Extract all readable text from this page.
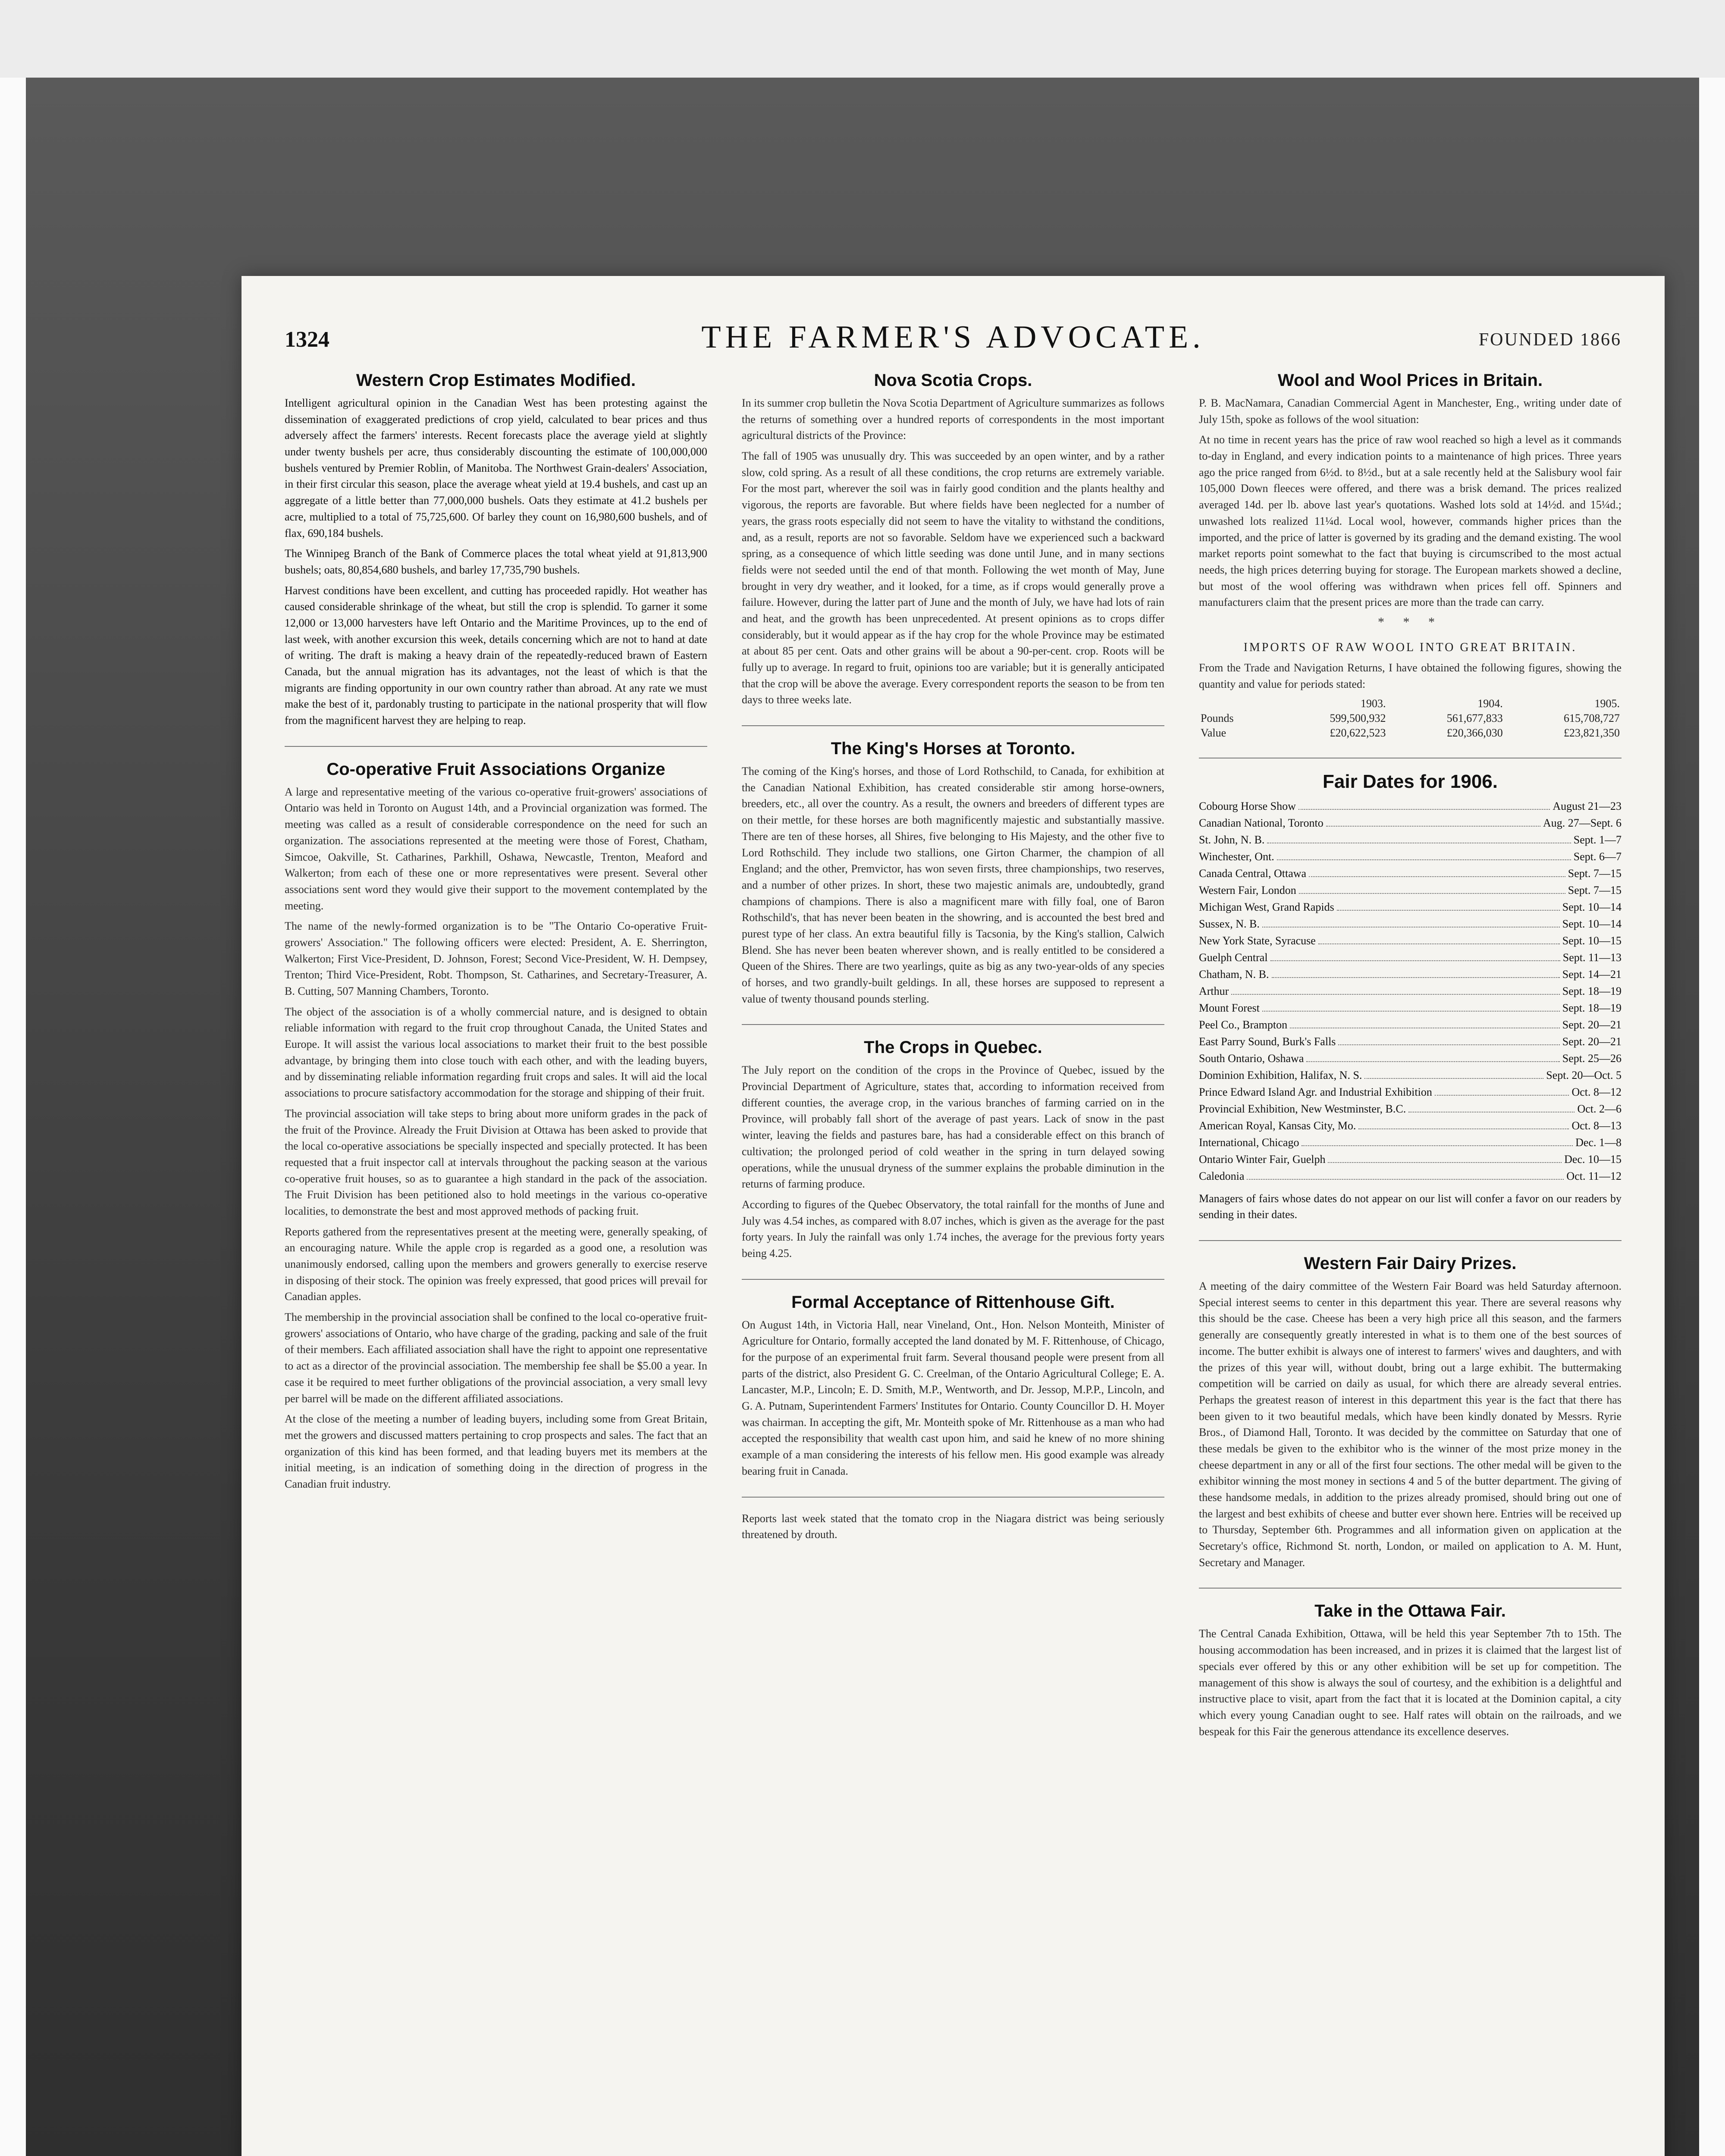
1324	THE FARMER'S ADVOCATE.	FOUNDED 1866
Western Crop Estimates Modified.

Intelligent agricultural opinion in the Canadian West has been protesting against the dissemination of exaggerated predictions of crop yield, calculated to bear prices and thus adversely affect the farmers' interests. Recent forecasts place the average yield at slightly under twenty bushels per acre, thus considerably discounting the estimate of 100,000,000 bushels ventured by Premier Roblin, of Manitoba. The Northwest Grain-dealers' Association, in their first circular this season, place the average wheat yield at 19.4 bushels, and cast up an aggregate of a little better than 77,000,000 bushels. Oats they estimate at 41.2 bushels per acre, multiplied to a total of 75,725,600. Of barley they count on 16,980,600 bushels, and of flax, 690,184 bushels.

The Winnipeg Branch of the Bank of Commerce places the total wheat yield at 91,813,900 bushels; oats, 80,854,680 bushels, and barley 17,735,790 bushels.

Harvest conditions have been excellent, and cutting has proceeded rapidly. Hot weather has caused considerable shrinkage of the wheat, but still the crop is splendid. To garner it some 12,000 or 13,000 harvesters have left Ontario and the Maritime Provinces, up to the end of last week, with another excursion this week, details concerning which are not to hand at date of writing. The draft is making a heavy drain of the repeatedly-reduced brawn of Eastern Canada, but the annual migration has its advantages, not the least of which is that the migrants are finding opportunity in our own country rather than abroad. At any rate we must make the best of it, pardonably trusting to participate in the national prosperity that will flow from the magnificent harvest they are helping to reap.

Co-operative Fruit Associations Organize

A large and representative meeting of the various co-operative fruit-growers' associations of Ontario was held in Toronto on August 14th, and a Provincial organization was formed. The meeting was called as a result of considerable correspondence on the need for such an organization. The associations represented at the meeting were those of Forest, Chatham, Simcoe, Oakville, St. Catharines, Parkhill, Oshawa, Newcastle, Trenton, Meaford and Walkerton; from each of these one or more representatives were present. Several other associations sent word they would give their support to the movement contemplated by the meeting.

The name of the newly-formed organization is to be "The Ontario Co-operative Fruit-growers' Association." The following officers were elected: President, A. E. Sherrington, Walkerton; First Vice-President, D. Johnson, Forest; Second Vice-President, W. H. Dempsey, Trenton; Third Vice-President, Robt. Thompson, St. Catharines, and Secretary-Treasurer, A. B. Cutting, 507 Manning Chambers, Toronto.

The object of the association is of a wholly commercial nature, and is designed to obtain reliable information with regard to the fruit crop throughout Canada, the United States and Europe. It will assist the various local associations to market their fruit to the best possible advantage, by bringing them into close touch with each other, and with the leading buyers, and by disseminating reliable information regarding fruit crops and sales. It will aid the local associations to procure satisfactory accommodation for the storage and shipping of their fruit.

The provincial association will take steps to bring about more uniform grades in the pack of the fruit of the Province. Already the Fruit Division at Ottawa has been asked to provide that the local co-operative associations be specially inspected and specially protected. It has been requested that a fruit inspector call at intervals throughout the packing season at the various co-operative fruit houses, so as to guarantee a high standard in the pack of the association. The Fruit Division has been petitioned also to hold meetings in the various co-operative localities, to demonstrate the best and most approved methods of packing fruit.

Reports gathered from the representatives present at the meeting were, generally speaking, of an encouraging nature. While the apple crop is regarded as a good one, a resolution was unanimously endorsed, calling upon the members and growers generally to exercise reserve in disposing of their stock. The opinion was freely expressed, that good prices will prevail for Canadian apples.

The membership in the provincial association shall be confined to the local co-operative fruit-growers' associations of Ontario, who have charge of the grading, packing and sale of the fruit of their members. Each affiliated association shall have the right to appoint one representative to act as a director of the provincial association. The membership fee shall be $5.00 a year. In case it be required to meet further obligations of the provincial association, a very small levy per barrel will be made on the different affiliated associations.

At the close of the meeting a number of leading buyers, including some from Great Britain, met the growers and discussed matters pertaining to crop prospects and sales. The fact that an organization of this kind has been formed, and that leading buyers met its members at the initial meeting, is an indication of something doing in the direction of progress in the Canadian fruit industry.

Nova Scotia Crops.

In its summer crop bulletin the Nova Scotia Department of Agriculture summarizes as follows the returns of something over a hundred reports of correspondents in the most important agricultural districts of the Province:

The fall of 1905 was unusually dry. This was succeeded by an open winter, and by a rather slow, cold spring. As a result of all these conditions, the crop returns are extremely variable. For the most part, wherever the soil was in fairly good condition and the plants healthy and vigorous, the reports are favorable. But where fields have been neglected for a number of years, the grass roots especially did not seem to have the vitality to withstand the conditions, and, as a result, reports are not so favorable. Seldom have we experienced such a backward spring, as a consequence of which little seeding was done until June, and in many sections fields were not seeded until the end of that month. Following the wet month of May, June brought in very dry weather, and it looked, for a time, as if crops would generally prove a failure. However, during the latter part of June and the month of July, we have had lots of rain and heat, and the growth has been unprecedented. At present opinions as to crops differ considerably, but it would appear as if the hay crop for the whole Province may be estimated at about 85 per cent. Oats and other grains will be about a 90-per-cent. crop. Roots will be fully up to average. In regard to fruit, opinions too are variable; but it is generally anticipated that the crop will be above the average. Every correspondent reports the season to be from ten days to three weeks late.

The King's Horses at Toronto.

The coming of the King's horses, and those of Lord Rothschild, to Canada, for exhibition at the Canadian National Exhibition, has created considerable stir among horse-owners, breeders, etc., all over the country. As a result, the owners and breeders of different types are on their mettle, for these horses are both magnificently majestic and substantially massive. There are ten of these horses, all Shires, five belonging to His Majesty, and the other five to Lord Rothschild. They include two stallions, one Girton Charmer, the champion of all England; and the other, Premvictor, has won seven firsts, three championships, two reserves, and a number of other prizes. In short, these two majestic animals are, undoubtedly, grand champions of champions. There is also a magnificent mare with filly foal, one of Baron Rothschild's, that has never been beaten in the showring, and is accounted the best bred and purest type of her class. An extra beautiful filly is Tacsonia, by the King's stallion, Calwich Blend. She has never been beaten wherever shown, and is really entitled to be considered a Queen of the Shires. There are two yearlings, quite as big as any two-year-olds of any species of horses, and two grandly-built geldings. In all, these horses are supposed to represent a value of twenty thousand pounds sterling.

The Crops in Quebec.

The July report on the condition of the crops in the Province of Quebec, issued by the Provincial Department of Agriculture, states that, according to information received from different counties, the average crop, in the various branches of farming carried on in the Province, will probably fall short of the average of past years. Lack of snow in the past winter, leaving the fields and pastures bare, has had a considerable effect on this branch of cultivation; the prolonged period of cold weather in the spring in turn delayed sowing operations, while the unusual dryness of the summer explains the probable diminution in the returns of farming produce.

According to figures of the Quebec Observatory, the total rainfall for the months of June and July was 4.54 inches, as compared with 8.07 inches, which is given as the average for the past forty years. In July the rainfall was only 1.74 inches, the average for the previous forty years being 4.25.

Formal Acceptance of Rittenhouse Gift.

On August 14th, in Victoria Hall, near Vineland, Ont., Hon. Nelson Monteith, Minister of Agriculture for Ontario, formally accepted the land donated by M. F. Rittenhouse, of Chicago, for the purpose of an experimental fruit farm. Several thousand people were present from all parts of the district, also President G. C. Creelman, of the Ontario Agricultural College; E. A. Lancaster, M.P., Lincoln; E. D. Smith, M.P., Wentworth, and Dr. Jessop, M.P.P., Lincoln, and G. A. Putnam, Superintendent Farmers' Institutes for Ontario. County Councillor D. H. Moyer was chairman. In accepting the gift, Mr. Monteith spoke of Mr. Rittenhouse as a man who had accepted the responsibility that wealth cast upon him, and said he knew of no more shining example of a man considering the interests of his fellow men. His good example was already bearing fruit in Canada.

Reports last week stated that the tomato crop in the Niagara district was being seriously threatened by drouth.

Wool and Wool Prices in Britain.

P. B. MacNamara, Canadian Commercial Agent in Manchester, Eng., writing under date of July 15th, spoke as follows of the wool situation:

At no time in recent years has the price of raw wool reached so high a level as it commands to-day in England, and every indication points to a maintenance of high prices. Three years ago the price ranged from 6½d. to 8½d., but at a sale recently held at the Salisbury wool fair 105,000 Down fleeces were offered, and there was a brisk demand. The prices realized averaged 14d. per lb. above last year's quotations. Washed lots sold at 14½d. and 15¼d.; unwashed lots realized 11¼d. Local wool, however, commands higher prices than the imported, and the price of latter is governed by its grading and the demand existing. The wool market reports point somewhat to the fact that buying is circumscribed to the most actual needs, the high prices deterring buying for storage. The European markets showed a decline, but most of the wool offering was withdrawn when prices fell off. Spinners and manufacturers claim that the present prices are more than the trade can carry.

* * *
IMPORTS OF RAW WOOL INTO GREAT BRITAIN.

From the Trade and Navigation Returns, I have obtained the following figures, showing the quantity and value for periods stated:

	1903.	1904.	1905.
Pounds	599,500,932	561,677,833	615,708,727
Value	£20,622,523	£20,366,030	£23,821,350
Fair Dates for 1906.
Cobourg Horse Show	August 21—23
Canadian National, Toronto	Aug. 27—Sept. 6
St. John, N. B.	Sept. 1—7
Winchester, Ont.	Sept. 6—7
Canada Central, Ottawa	Sept. 7—15
Western Fair, London	Sept. 7—15
Michigan West, Grand Rapids	Sept. 10—14
Sussex, N. B.	Sept. 10—14
New York State, Syracuse	Sept. 10—15
Guelph Central	Sept. 11—13
Chatham, N. B.	Sept. 14—21
Arthur	Sept. 18—19
Mount Forest	Sept. 18—19
Peel Co., Brampton	Sept. 20—21
East Parry Sound, Burk's Falls	Sept. 20—21
South Ontario, Oshawa	Sept. 25—26
Dominion Exhibition, Halifax, N. S.	Sept. 20—Oct. 5
Prince Edward Island Agr. and Industrial Exhibition	Oct. 8—12
Provincial Exhibition, New Westminster, B.C.	Oct. 2—6
American Royal, Kansas City, Mo.	Oct. 8—13
International, Chicago	Dec. 1—8
Ontario Winter Fair, Guelph	Dec. 10—15
Caledonia	Oct. 11—12

Managers of fairs whose dates do not appear on our list will confer a favor on our readers by sending in their dates.

Western Fair Dairy Prizes.

A meeting of the dairy committee of the Western Fair Board was held Saturday afternoon. Special interest seems to center in this department this year. There are several reasons why this should be the case. Cheese has been a very high price all this season, and the farmers generally are consequently greatly interested in what is to them one of the best sources of income. The butter exhibit is always one of interest to farmers' wives and daughters, and with the prizes of this year will, without doubt, bring out a large exhibit. The buttermaking competition will be carried on daily as usual, for which there are already several entries. Perhaps the greatest reason of interest in this department this year is the fact that there has been given to it two beautiful medals, which have been kindly donated by Messrs. Ryrie Bros., of Diamond Hall, Toronto. It was decided by the committee on Saturday that one of these medals be given to the exhibitor who is the winner of the most prize money in the cheese department in any or all of the first four sections. The other medal will be given to the exhibitor winning the most money in sections 4 and 5 of the butter department. The giving of these handsome medals, in addition to the prizes already promised, should bring out one of the largest and best exhibits of cheese and butter ever shown here. Entries will be received up to Thursday, September 6th. Programmes and all information given on application at the Secretary's office, Richmond St. north, London, or mailed on application to A. M. Hunt, Secretary and Manager.

Take in the Ottawa Fair.

The Central Canada Exhibition, Ottawa, will be held this year September 7th to 15th. The housing accommodation has been increased, and in prizes it is claimed that the largest list of specials ever offered by this or any other exhibition will be set up for competition. The management of this show is always the soul of courtesy, and the exhibition is a delightful and instructive place to visit, apart from the fact that it is located at the Dominion capital, a city which every young Canadian ought to see. Half rates will obtain on the railroads, and we bespeak for this Fair the generous attendance its excellence deserves.
